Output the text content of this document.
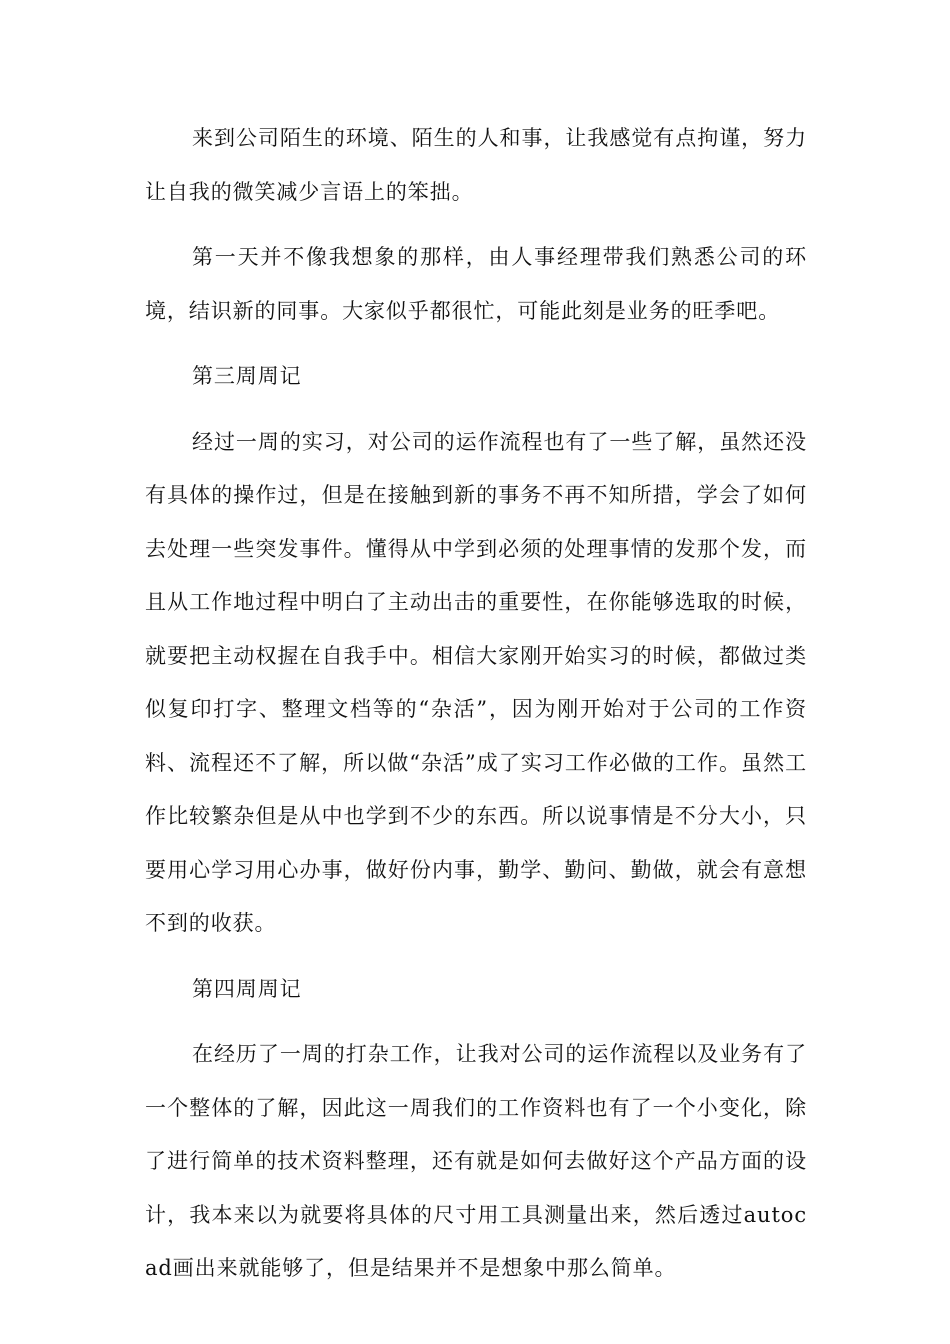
来到公司陌生的环境、陌生的人和事，让我感觉有点拘谨，努力让自我的微笑减少言语上的笨拙。

第一天并不像我想象的那样，由人事经理带我们熟悉公司的环境，结识新的同事。大家似乎都很忙，可能此刻是业务的旺季吧。

第三周周记

经过一周的实习，对公司的运作流程也有了一些了解，虽然还没有具体的操作过，但是在接触到新的事务不再不知所措，学会了如何去处理一些突发事件。懂得从中学到必须的处理事情的发那个发，而且从工作地过程中明白了主动出击的重要性，在你能够选取的时候，就要把主动权握在自我手中。相信大家刚开始实习的时候，都做过类似复印打字、整理文档等的“杂活”，因为刚开始对于公司的工作资料、流程还不了解，所以做“杂活”成了实习工作必做的工作。虽然工作比较繁杂但是从中也学到不少的东西。所以说事情是不分大小，只要用心学习用心办事，做好份内事，勤学、勤问、勤做，就会有意想不到的收获。

第四周周记

在经历了一周的打杂工作，让我对公司的运作流程以及业务有了一个整体的了解，因此这一周我们的工作资料也有了一个小变化，除了进行简单的技术资料整理，还有就是如何去做好这个产品方面的设计，我本来以为就要将具体的尺寸用工具测量出来，然后透过autocad画出来就能够了，但是结果并不是想象中那么简单。
